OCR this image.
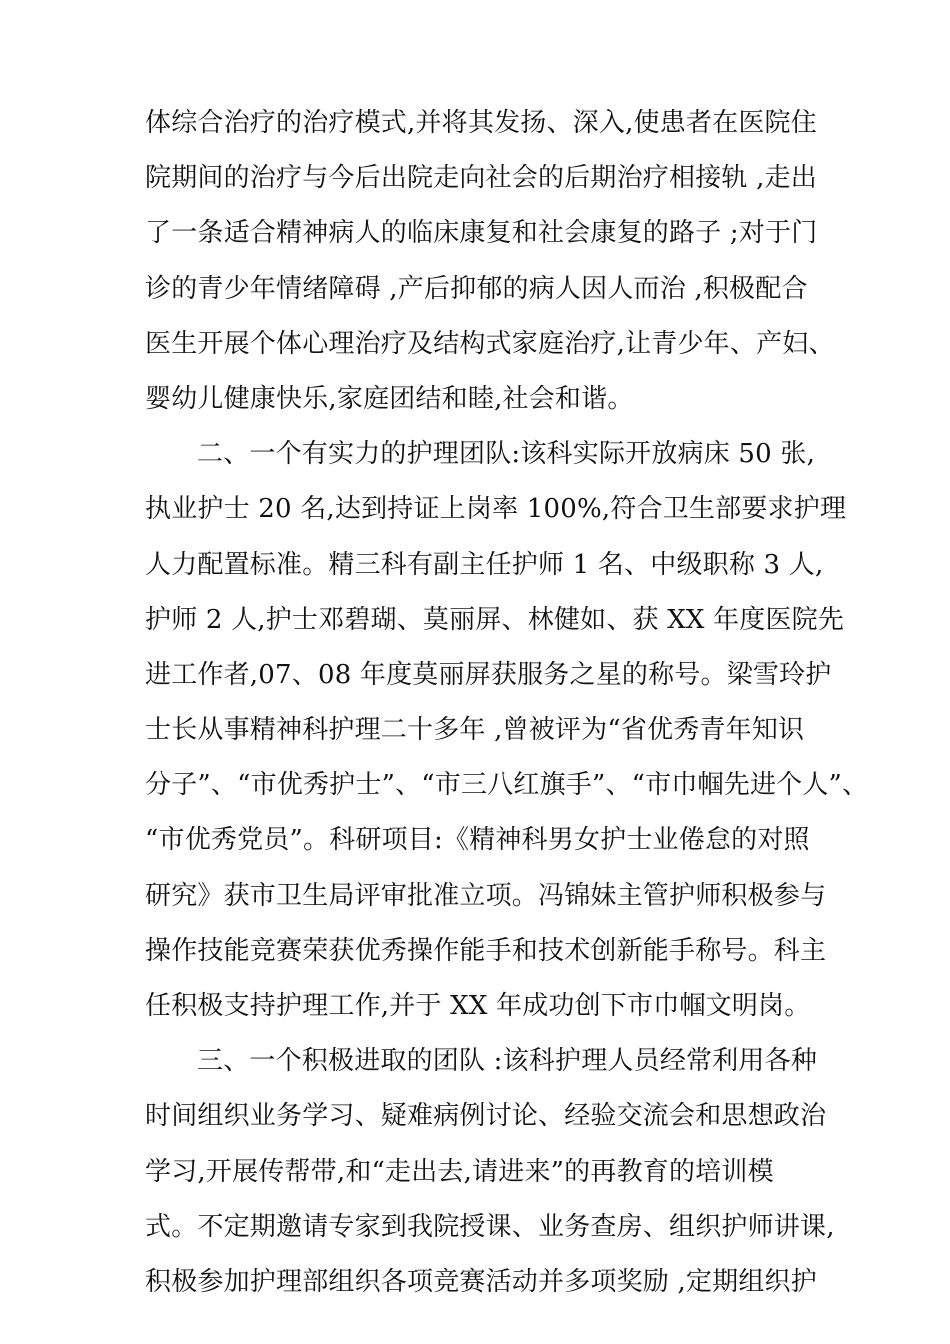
体综合治疗的治疗模式,并将其发扬、深入,使患者在医院住
院期间的治疗与今后出院走向社会的后期治疗相接轨 ,走出
了一条适合精神病人的临床康复和社会康复的路子 ;对于门
诊的青少年情绪障碍 ,产后抑郁的病人因人而治 ,积极配合
医生开展个体心理治疗及结构式家庭治疗,让青少年、产妇、
婴幼儿健康快乐,家庭团结和睦,社会和谐。
二、一个有实力的护理团队:该科实际开放病床 50 张,
执业护士 20 名,达到持证上岗率 100%,符合卫生部要求护理
人力配置标准。精三科有副主任护师 1 名、中级职称 3 人,
护师 2 人,护士邓碧瑚、莫丽屏、林健如、获 XX 年度医院先
进工作者,07、08 年度莫丽屏获服务之星的称号。梁雪玲护
士长从事精神科护理二十多年 ,曾被评为“省优秀青年知识
分子”、“市优秀护士”、“市三八红旗手”、“市巾帼先进个人”、
“市优秀党员”。科研项目:《精神科男女护士业倦怠的对照
研究》获市卫生局评审批准立项。冯锦妹主管护师积极参与
操作技能竞赛荣获优秀操作能手和技术创新能手称号。科主
任积极支持护理工作,并于 XX 年成功创下市巾帼文明岗。
三、一个积极进取的团队 :该科护理人员经常利用各种
时间组织业务学习、疑难病例讨论、经验交流会和思想政治
学习,开展传帮带,和“走出去,请进来”的再教育的培训模
式。不定期邀请专家到我院授课、业务查房、组织护师讲课,
积极参加护理部组织各项竞赛活动并多项奖励 ,定期组织护
